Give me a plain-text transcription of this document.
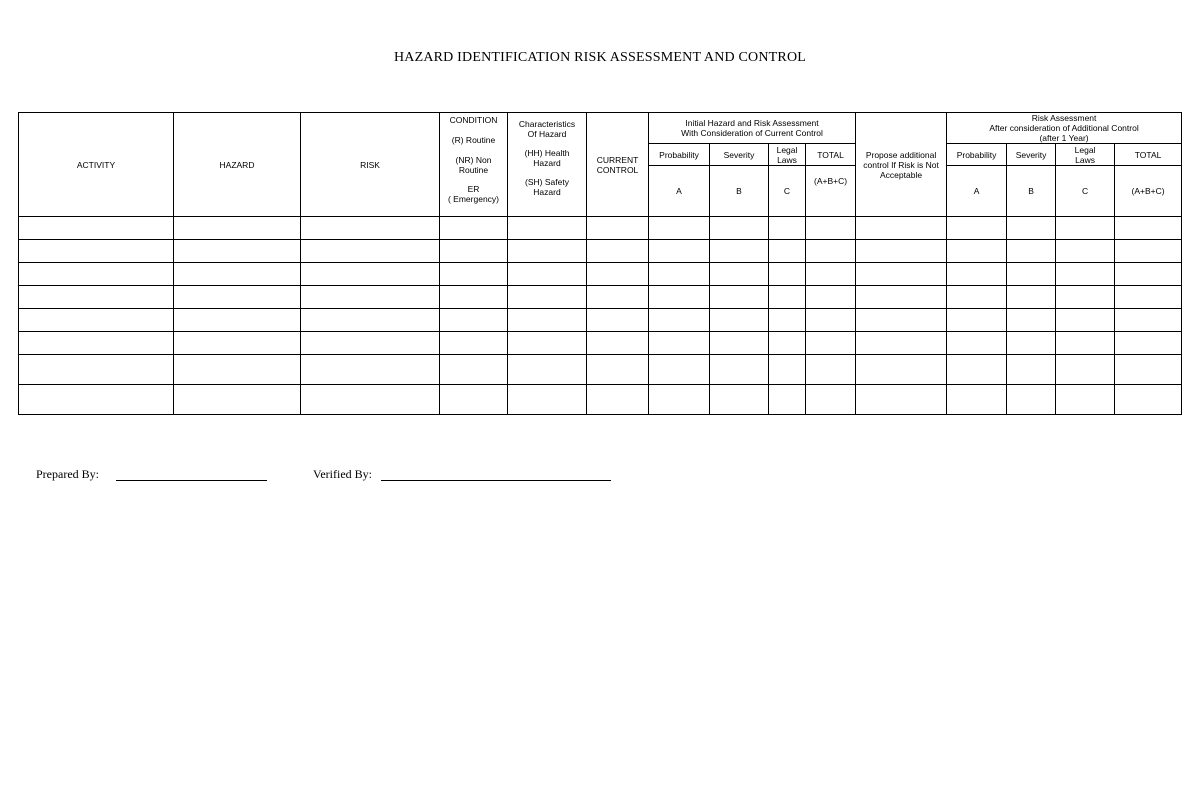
HAZARD IDENTIFICATION RISK ASSESSMENT AND CONTROL
ACTIVITY	HAZARD	RISK	CONDITION
(R) Routine
(NR) Non Routine
ER
( Emergency)	Characteristics Of Hazard
(HH) Health Hazard
(SH) Safety Hazard	CURRENT CONTROL	Initial Hazard and Risk Assessment
With Consideration of Current Control				Propose additional control If Risk is Not Acceptable	Risk Assessment
After consideration of Additional Control
(after 1 Year)			

						Probability	Severity	Legal Laws	TOTAL		Probability	Severity	Legal Laws	TOTAL
						A	B	C	(A+B+C)		A	B	C	(A+B+C)

Prepared By:	Verified By:
